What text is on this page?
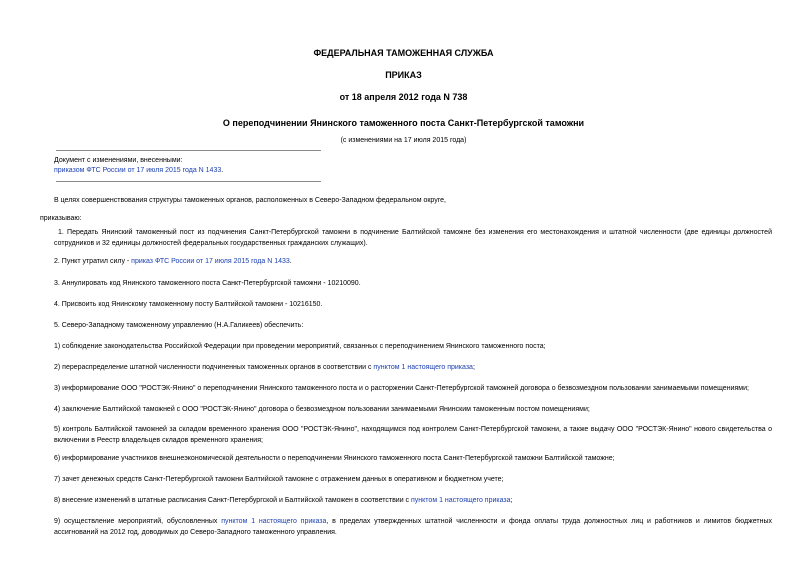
ФЕДЕРАЛЬНАЯ ТАМОЖЕННАЯ СЛУЖБА
ПРИКАЗ
от 18 апреля 2012 года N 738
О переподчинении Янинского таможенного поста Санкт-Петербургской таможни
(с изменениями на 17 июля 2015 года)
Документ с изменениями, внесенными:
приказом ФТС России от 17 июля 2015 года N 1433.
В целях совершенствования структуры таможенных органов, расположенных в Северо-Западном федеральном округе,
приказываю:
1. Передать Янинский таможенный пост из подчинения Санкт-Петербургской таможни в подчинение Балтийской таможне без изменения его местонахождения и штатной численности (две единицы должностей сотрудников и 32 единицы должностей федеральных государственных гражданских служащих).
2. Пункт утратил силу - приказ ФТС России от 17 июля 2015 года N 1433.
3. Аннулировать код Янинского таможенного поста Санкт-Петербургской таможни - 10210090.
4. Присвоить код Янинскому таможенному посту Балтийской таможни - 10216150.
5. Северо-Западному таможенному управлению (Н.А.Галикеев) обеспечить:
1) соблюдение законодательства Российской Федерации при проведении мероприятий, связанных с переподчинением Янинского таможенного поста;
2) перераспределение штатной численности подчиненных таможенных органов в соответствии с пунктом 1 настоящего приказа;
3) информирование ООО "РОСТЭК-Янино" о переподчинении Янинского таможенного поста и о расторжении Санкт-Петербургской таможней договора о безвозмездном пользовании занимаемыми помещениями;
4) заключение Балтийской таможней с ООО "РОСТЭК-Янино" договора о безвозмездном пользовании занимаемыми Янинским таможенным постом помещениями;
5) контроль Балтийской таможней за складом временного хранения ООО "РОСТЭК-Янино", находящимся под контролем Санкт-Петербургской таможни, а также выдачу ООО "РОСТЭК-Янино" нового свидетельства о включении в Реестр владельцев складов временного хранения;
6) информирование участников внешнеэкономической деятельности о переподчинении Янинского таможенного поста Санкт-Петербургской таможни Балтийской таможне;
7) зачет денежных средств Санкт-Петербургской таможни Балтийской таможне с отражением данных в оперативном и бюджетном учете;
8) внесение изменений в штатные расписания Санкт-Петербургской и Балтийской таможен в соответствии с пунктом 1 настоящего приказа;
9) осуществление мероприятий, обусловленных пунктом 1 настоящего приказа, в пределах утвержденных штатной численности и фонда оплаты труда должностных лиц и работников и лимитов бюджетных ассигнований на 2012 год, доводимых до Северо-Западного таможенного управления.
